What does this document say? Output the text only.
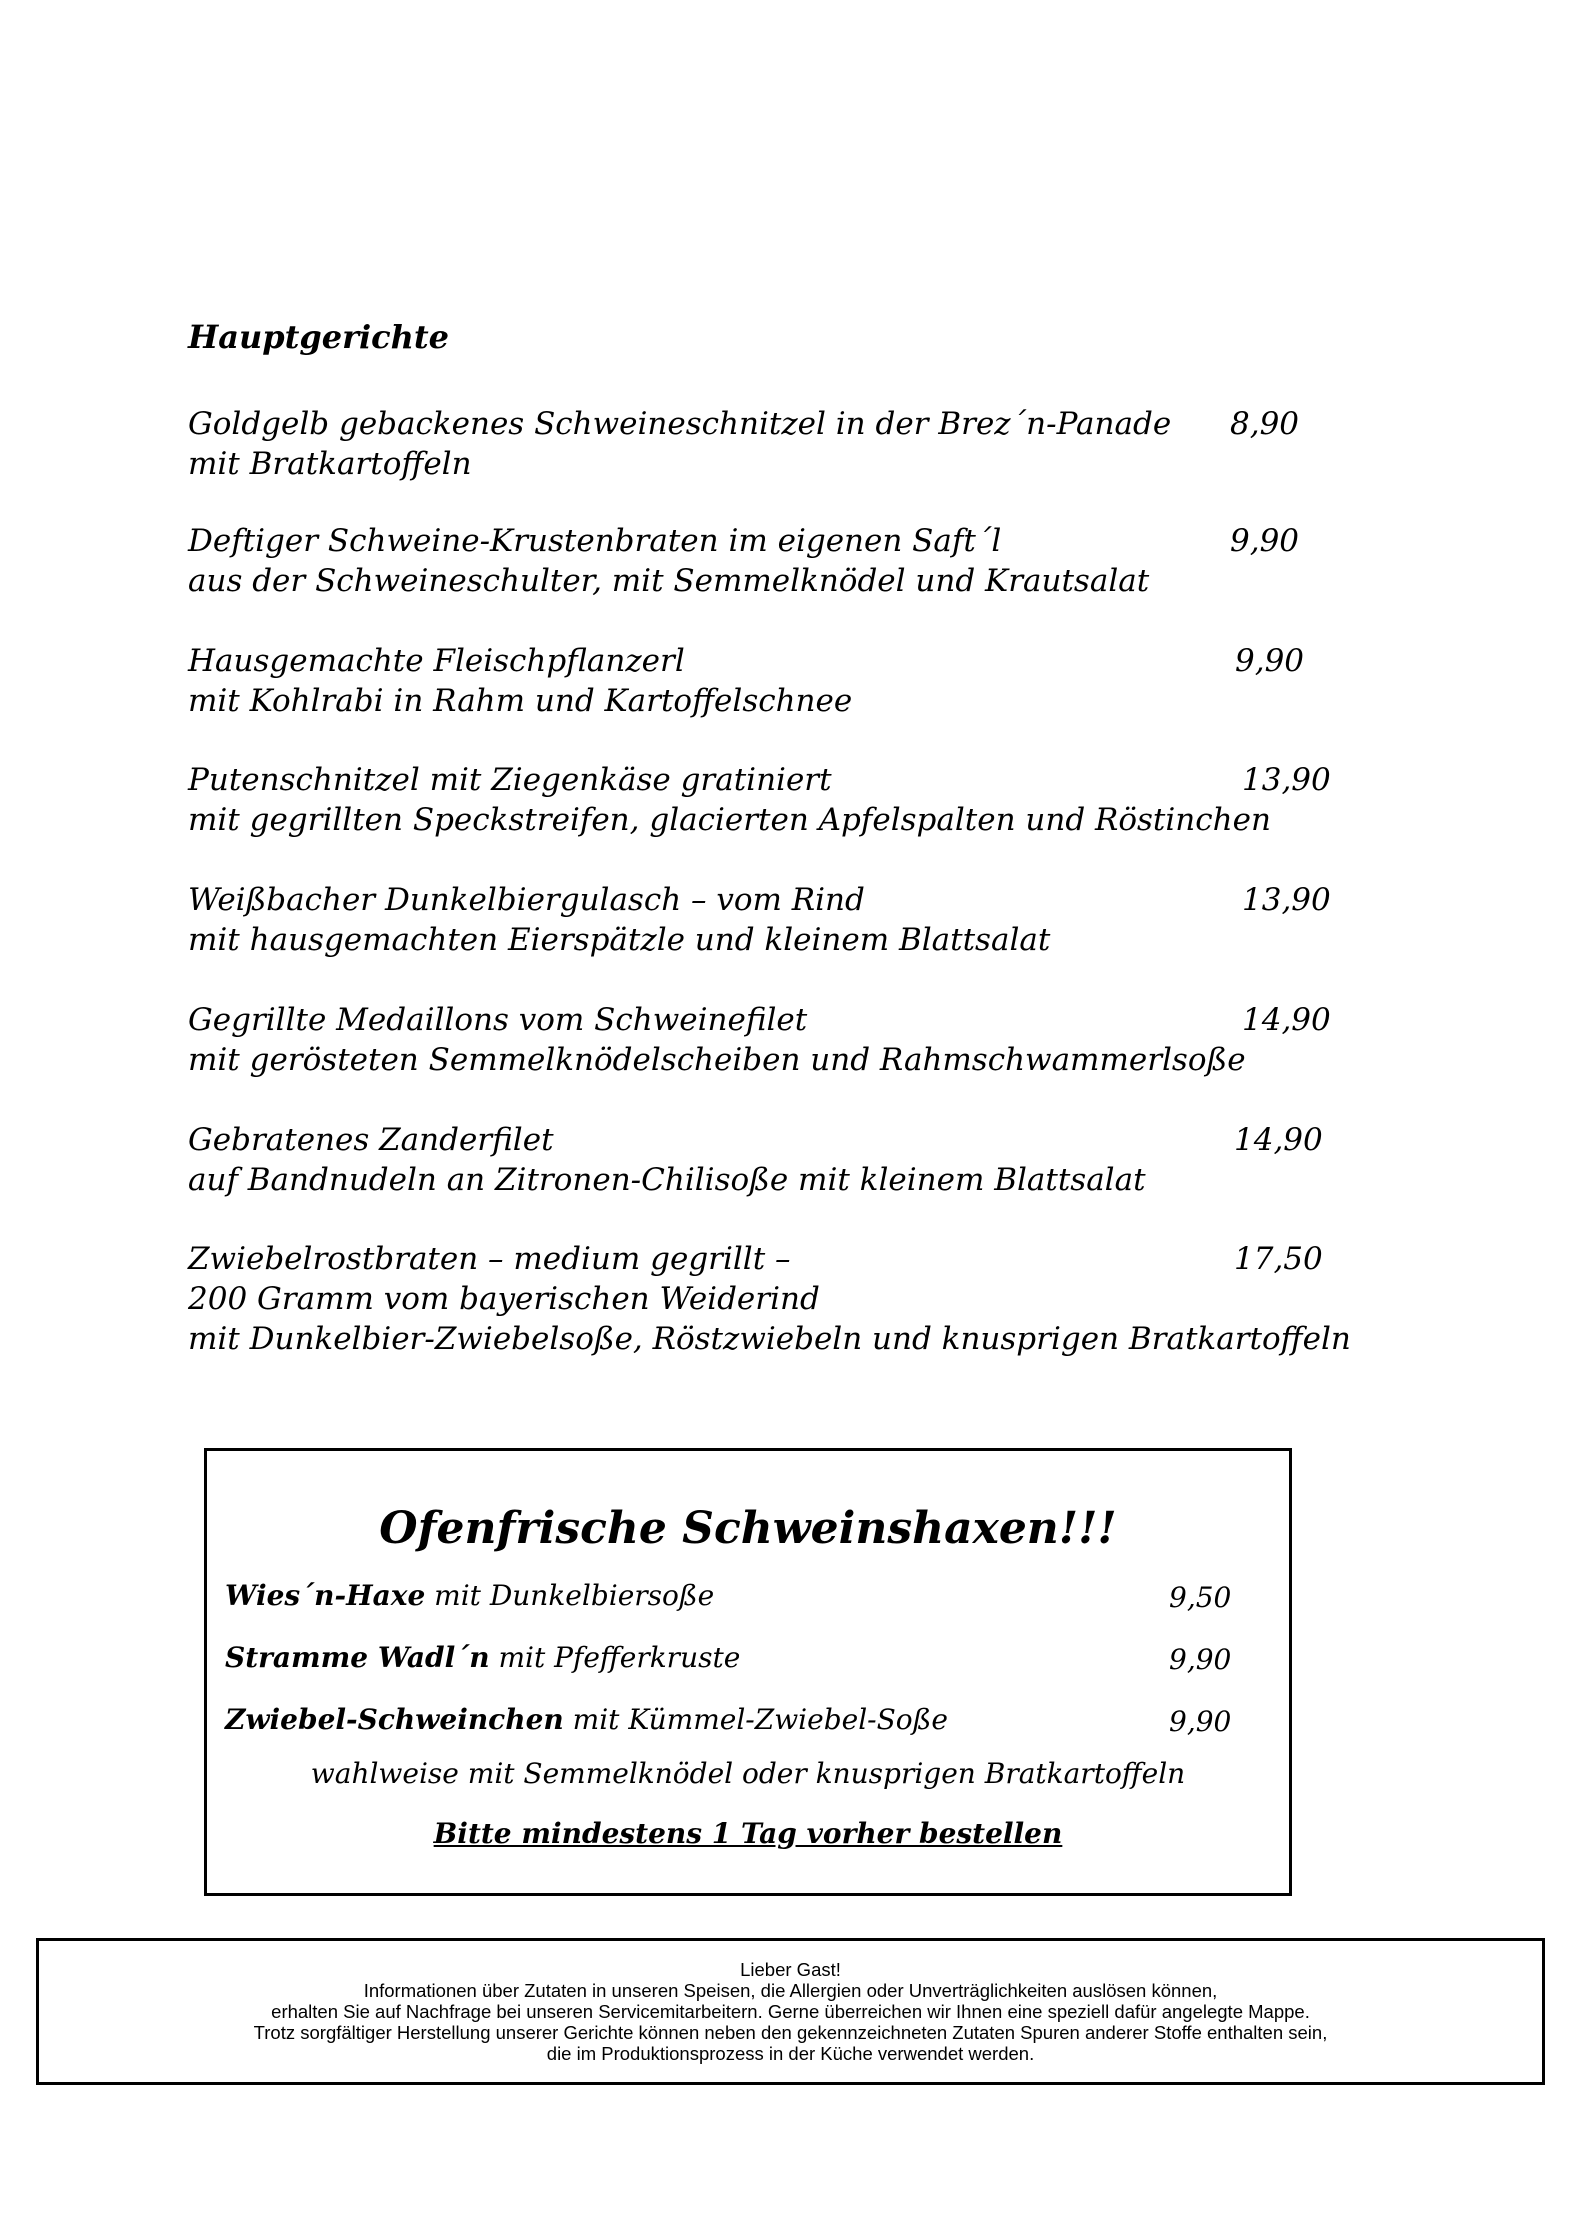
Hauptgerichte
Goldgelb gebackenes Schweineschnitzel in der Brez´n-Panade
mit Bratkartoffeln
8,90
Deftiger Schweine-Krustenbraten im eigenen Saft´l
aus der Schweineschulter, mit Semmelknödel und Krautsalat
9,90
Hausgemachte Fleischpflanzerl
mit Kohlrabi in Rahm und Kartoffelschnee
9,90
Putenschnitzel mit Ziegenkäse gratiniert
mit gegrillten Speckstreifen, glacierten Apfelspalten und Röstinchen
13,90
Weißbacher Dunkelbiergulasch – vom Rind
mit hausgemachten Eierspätzle und kleinem Blattsalat
13,90
Gegrillte Medaillons vom Schweinefilet
mit gerösteten Semmelknödelscheiben und Rahmschwammerlsoße
14,90
Gebratenes Zanderfilet
auf Bandnudeln an Zitronen-Chilisoße mit kleinem Blattsalat
14,90
Zwiebelrostbraten – medium gegrillt –
200 Gramm vom bayerischen Weiderind
mit Dunkelbier-Zwiebelsoße, Röstzwiebeln und knusprigen Bratkartoffeln
17,50
Ofenfrische Schweinshaxen!!!
Wies´n-Haxe mit Dunkelbiersoße	9,50
Stramme Wadl´n mit Pfefferkruste	9,90
Zwiebel-Schweinchen mit Kümmel-Zwiebel-Soße	9,90
wahlweise mit Semmelknödel oder knusprigen Bratkartoffeln
Bitte mindestens 1 Tag vorher bestellen
Lieber Gast!
Informationen über Zutaten in unseren Speisen, die Allergien oder Unverträglichkeiten auslösen können,
erhalten Sie auf Nachfrage bei unseren Servicemitarbeitern. Gerne überreichen wir Ihnen eine speziell dafür angelegte Mappe.
Trotz sorgfältiger Herstellung unserer Gerichte können neben den gekennzeichneten Zutaten Spuren anderer Stoffe enthalten sein,
die im Produktionsprozess in der Küche verwendet werden.
